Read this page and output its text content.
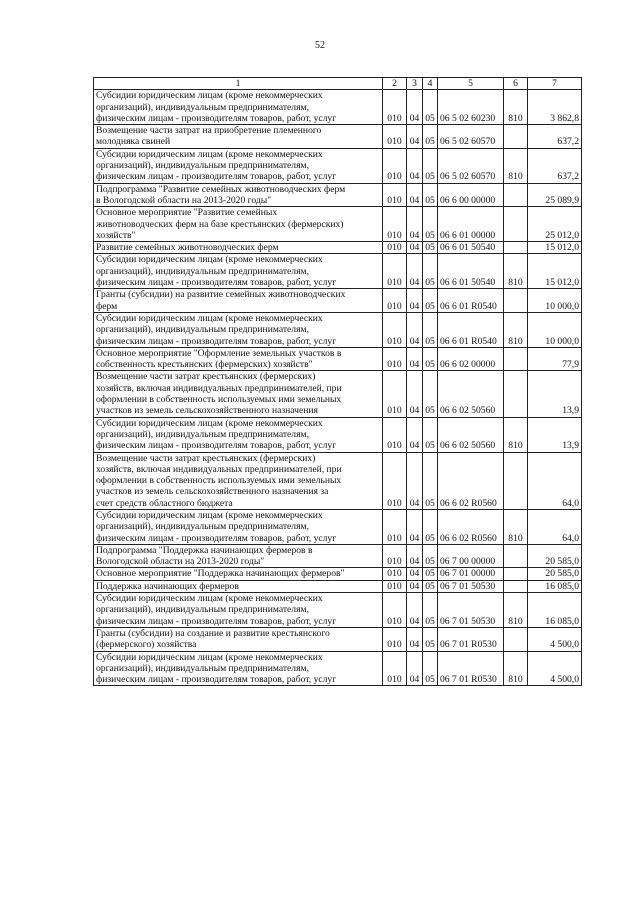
52
1	2	3	4	5	6	7
Субсидии юридическим лицам (кроме некоммерческих
организаций), индивидуальным предпринимателям,
физическим лицам - производителям товаров, работ, услуг	010	04	05	06 5 02 60230	810	3 862,8
Возмещение части затрат на приобретение племенного
молодняка свиней	010	04	05	06 5 02 60570		637,2
Субсидии юридическим лицам (кроме некоммерческих
организаций), индивидуальным предпринимателям,
физическим лицам - производителям товаров, работ, услуг	010	04	05	06 5 02 60570	810	637,2
Подпрограмма "Развитие семейных животноводческих ферм
в Вологодской области на 2013-2020 годы"	010	04	05	06 6 00 00000		25 089,9
Основное мероприятие "Развитие семейных
животноводческих ферм на базе крестьянских (фермерских)
хозяйств"	010	04	05	06 6 01 00000		25 012,0
Развитие семейных животноводческих ферм	010	04	05	06 6 01 50540		15 012,0
Субсидии юридическим лицам (кроме некоммерческих
организаций), индивидуальным предпринимателям,
физическим лицам - производителям товаров, работ, услуг	010	04	05	06 6 01 50540	810	15 012,0
Гранты (субсидии) на развитие семейных животноводческих
ферм	010	04	05	06 6 01 R0540		10 000,0
Субсидии юридическим лицам (кроме некоммерческих
организаций), индивидуальным предпринимателям,
физическим лицам - производителям товаров, работ, услуг	010	04	05	06 6 01 R0540	810	10 000,0
Основное мероприятие "Оформление земельных участков в
собственность крестьянских (фермерских) хозяйств"	010	04	05	06 6 02 00000		77,9
Возмещение части затрат крестьянских (фермерских)
хозяйств, включая индивидуальных предпринимателей, при
оформлении в собственность используемых ими земельных
участков из земель сельскохозяйственного назначения	010	04	05	06 6 02 50560		13,9
Субсидии юридическим лицам (кроме некоммерческих
организаций), индивидуальным предпринимателям,
физическим лицам - производителям товаров, работ, услуг	010	04	05	06 6 02 50560	810	13,9
Возмещение части затрат крестьянских (фермерских)
хозяйств, включая индивидуальных предпринимателей, при
оформлении в собственность используемых ими земельных
участков из земель сельскохозяйственного назначения за
счет средств областного бюджета	010	04	05	06 6 02 R0560		64,0
Субсидии юридическим лицам (кроме некоммерческих
организаций), индивидуальным предпринимателям,
физическим лицам - производителям товаров, работ, услуг	010	04	05	06 6 02 R0560	810	64,0
Подпрограмма "Поддержка начинающих фермеров в
Вологодской области на 2013-2020 годы"	010	04	05	06 7 00 00000		20 585,0
Основное мероприятие "Поддержка начинающих фермеров"	010	04	05	06 7 01 00000		20 585,0
Поддержка начинающих фермеров	010	04	05	06 7 01 50530		16 085,0
Субсидии юридическим лицам (кроме некоммерческих
организаций), индивидуальным предпринимателям,
физическим лицам - производителям товаров, работ, услуг	010	04	05	06 7 01 50530	810	16 085,0
Гранты (субсидии) на создание и развитие крестьянского
(фермерского) хозяйства	010	04	05	06 7 01 R0530		4 500,0
Субсидии юридическим лицам (кроме некоммерческих
организаций), индивидуальным предпринимателям,
физическим лицам - производителям товаров, работ, услуг	010	04	05	06 7 01 R0530	810	4 500,0
